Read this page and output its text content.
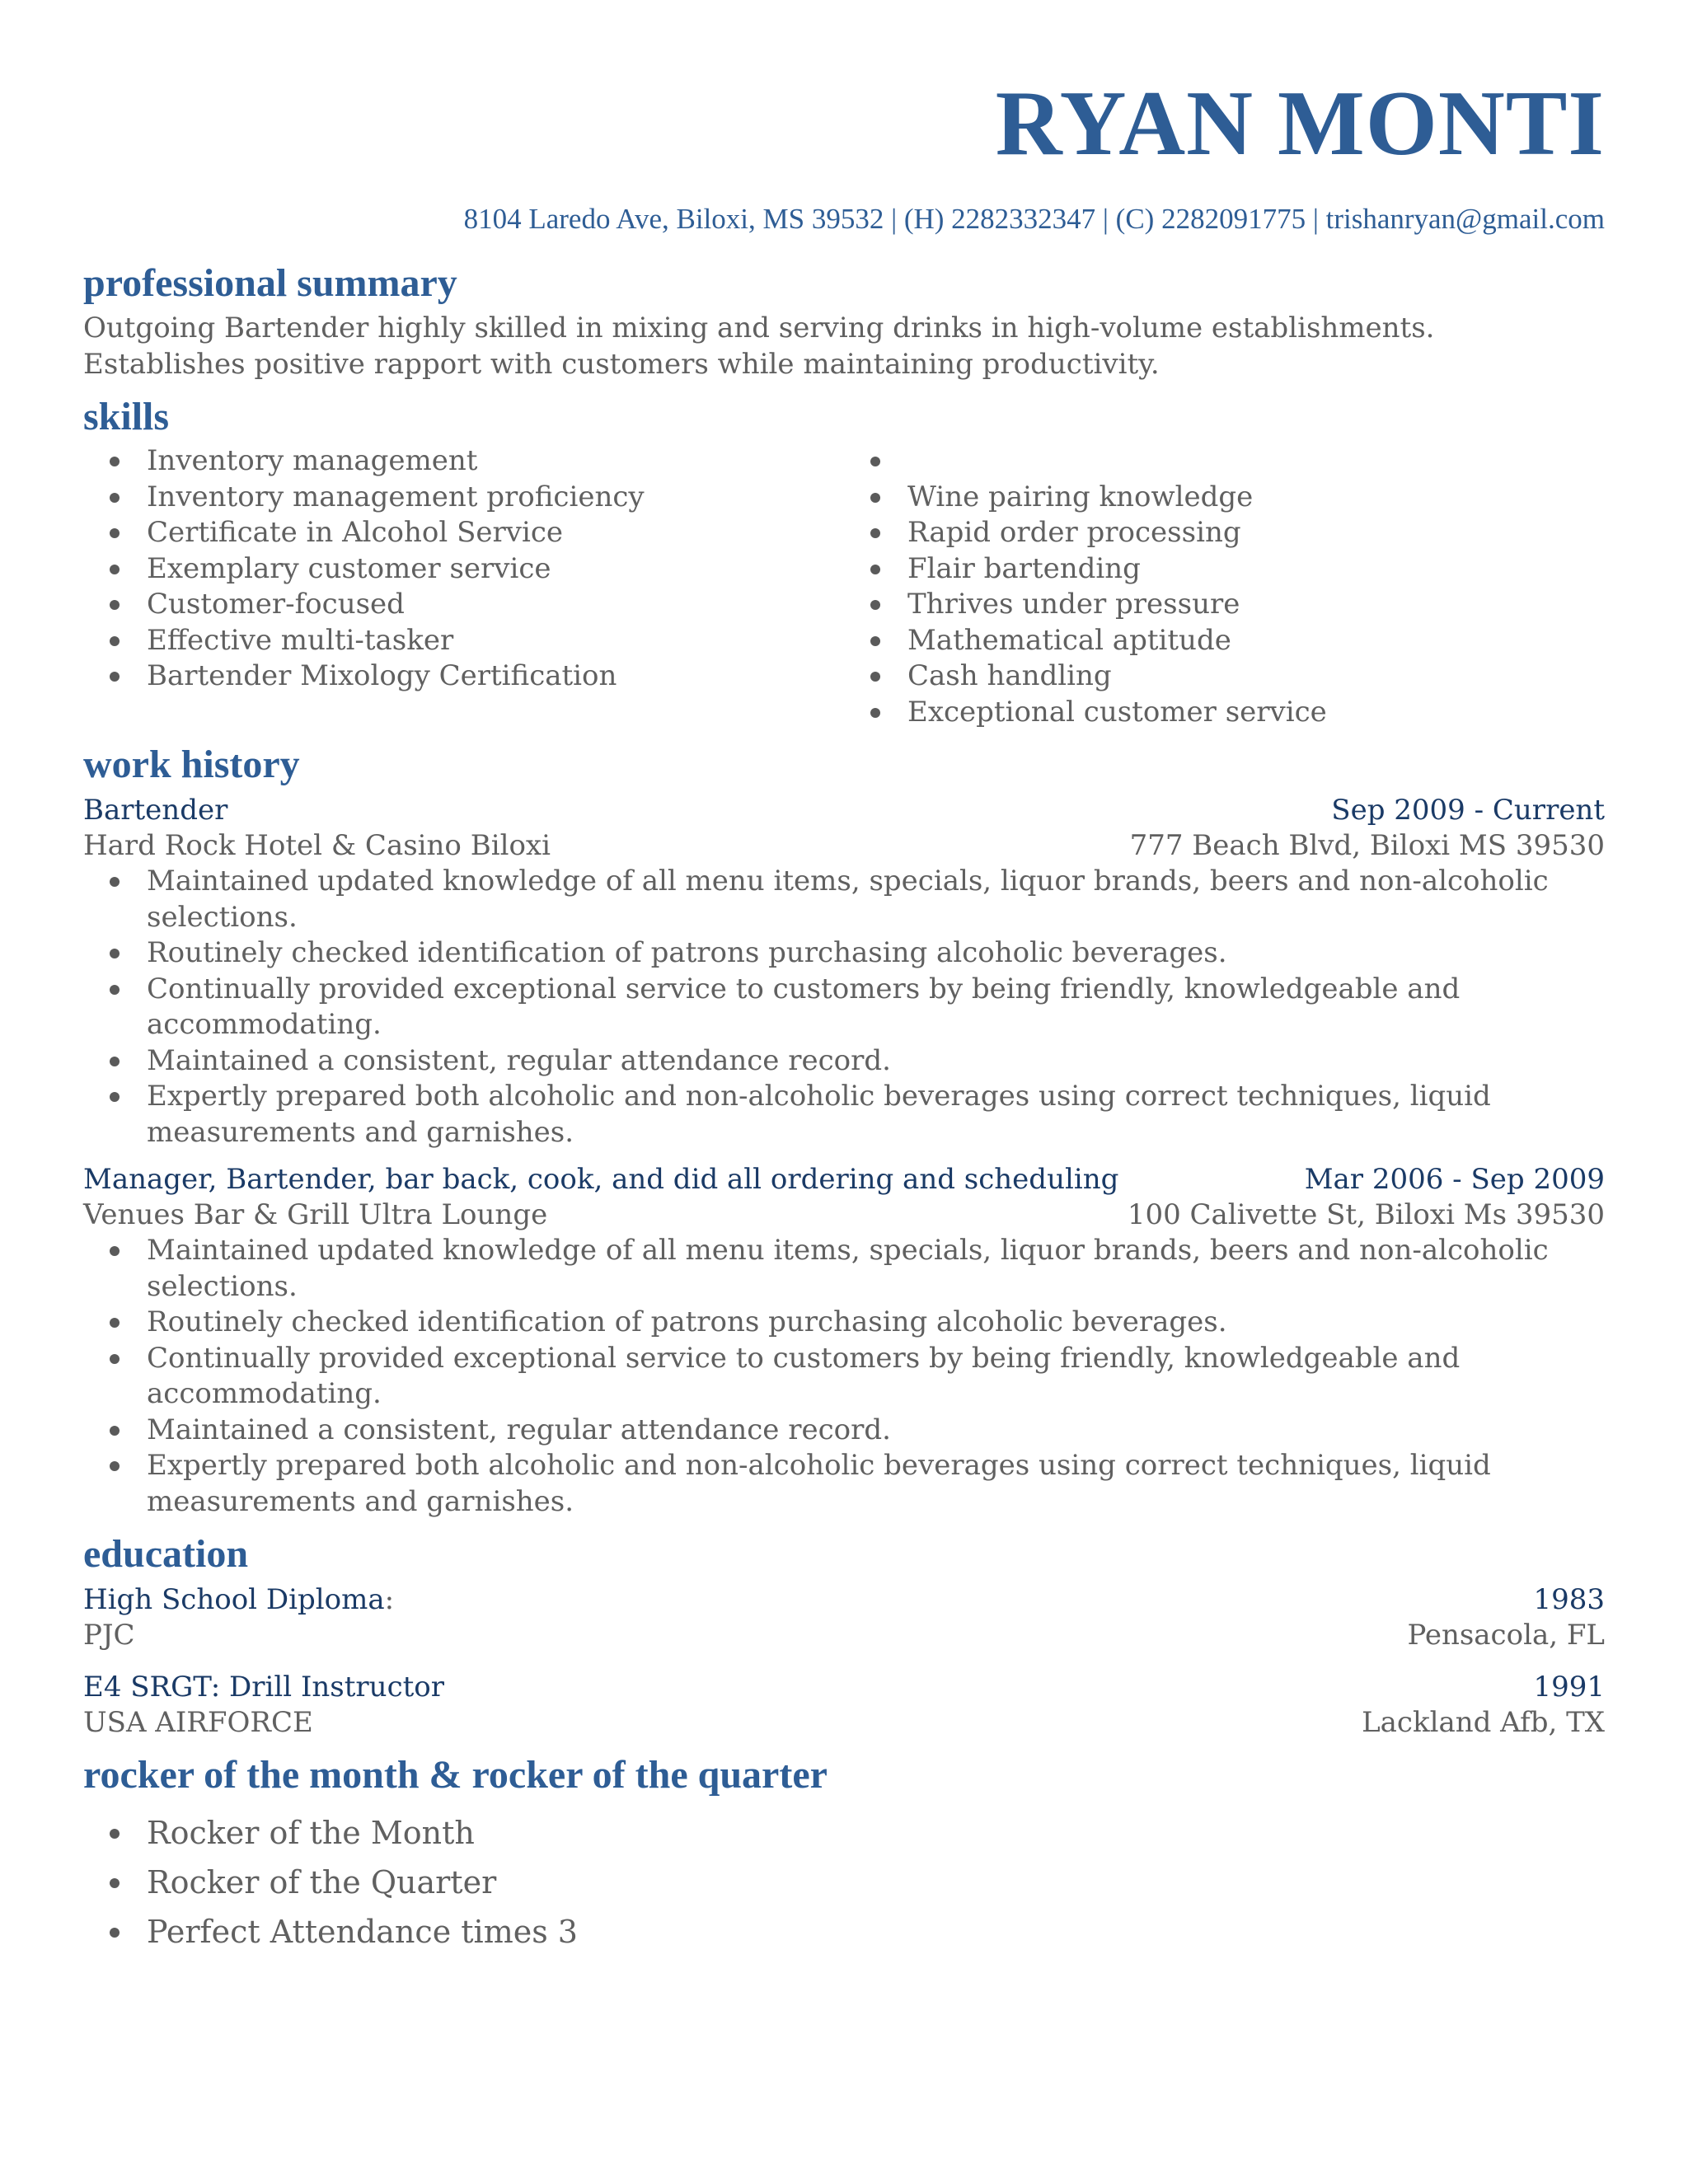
RYAN MONTI
8104 Laredo Ave, Biloxi, MS 39532 | (H) 2282332347 | (C) 2282091775 | trishanryan@gmail.com
professional summary
Outgoing Bartender highly skilled in mixing and serving drinks in high-volume establishments. Establishes positive rapport with customers while maintaining productivity.
skills
Inventory management
Inventory management proficiency
Certificate in Alcohol Service
Exemplary customer service
Customer-focused
Effective multi-tasker
Bartender Mixology Certification
Wine pairing knowledge
Rapid order processing
Flair bartending
Thrives under pressure
Mathematical aptitude
Cash handling
Exceptional customer service
work history
Bartender	Sep 2009 - Current
Hard Rock Hotel & Casino Biloxi	777 Beach Blvd, Biloxi MS 39530
Maintained updated knowledge of all menu items, specials, liquor brands, beers and non-alcoholic selections.
Routinely checked identification of patrons purchasing alcoholic beverages.
Continually provided exceptional service to customers by being friendly, knowledgeable and accommodating.
Maintained a consistent, regular attendance record.
Expertly prepared both alcoholic and non-alcoholic beverages using correct techniques, liquid measurements and garnishes.
Manager, Bartender, bar back, cook, and did all ordering and scheduling	Mar 2006 - Sep 2009
Venues Bar & Grill Ultra Lounge	100 Calivette St, Biloxi Ms 39530
Maintained updated knowledge of all menu items, specials, liquor brands, beers and non-alcoholic selections.
Routinely checked identification of patrons purchasing alcoholic beverages.
Continually provided exceptional service to customers by being friendly, knowledgeable and accommodating.
Maintained a consistent, regular attendance record.
Expertly prepared both alcoholic and non-alcoholic beverages using correct techniques, liquid measurements and garnishes.
education
High School Diploma:	1983
PJC	Pensacola, FL
E4 SRGT: Drill Instructor	1991
USA AIRFORCE	Lackland Afb, TX
rocker of the month & rocker of the quarter
Rocker of the Month
Rocker of the Quarter
Perfect Attendance times 3
